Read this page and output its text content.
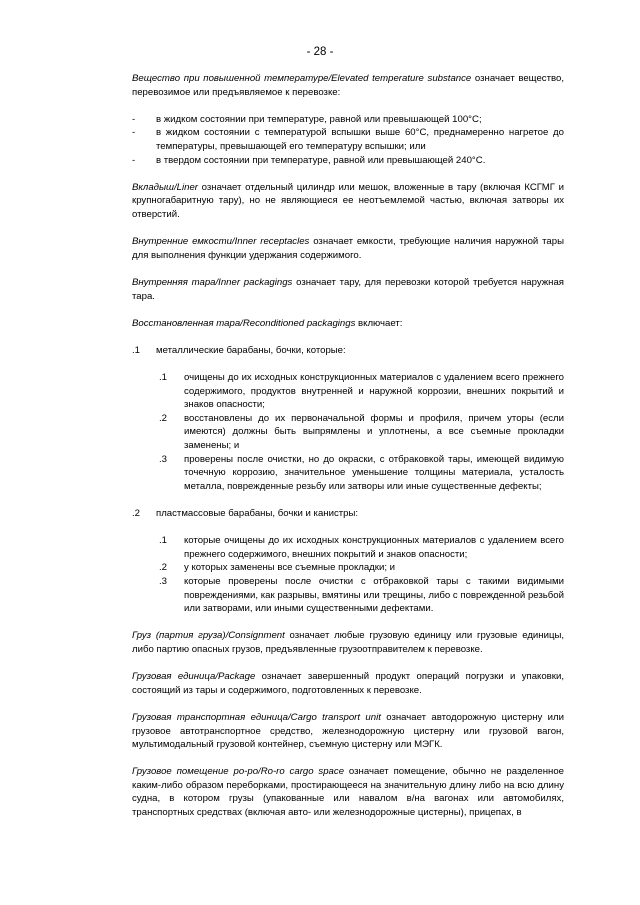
- 28 -

Вещество при повышенной температуре/Elevated temperature substance означает вещество, перевозимое или предъявляемое к перевозке:

- в жидком состоянии при температуре, равной или превышающей 100°С;
- в жидком состоянии с температурой вспышки выше 60°С, преднамеренно нагретое до температуры, превышающей его температуру вспышки; или
- в твердом состоянии при температуре, равной или превышающей 240°С.

Вкладыш/Liner означает отдельный цилиндр или мешок, вложенные в тару (включая КСГМГ и крупногабаритную тару), но не являющиеся ее неотъемлемой частью, включая затворы их отверстий.

Внутренние емкости/Inner receptacles означает емкости, требующие наличия наружной тары для выполнения функции удержания содержимого.

Внутренняя тара/Inner packagings означает тару, для перевозки которой требуется наружная тара.

Восстановленная тара/Reconditioned packagings включает:

.1 металлические барабаны, бочки, которые:
.1 очищены до их исходных конструкционных материалов с удалением всего прежнего содержимого, продуктов внутренней и наружной коррозии, внешних покрытий и знаков опасности;
.2 восстановлены до их первоначальной формы и профиля, причем уторы (если имеются) должны быть выпрямлены и уплотнены, а все съемные прокладки заменены; и
.3 проверены после очистки, но до окраски, с отбраковкой тары, имеющей видимую точечную коррозию, значительное уменьшение толщины материала, усталость металла, поврежденные резьбу или затворы или иные существенные дефекты;
.2 пластмассовые барабаны, бочки и канистры:
.1 которые очищены до их исходных конструкционных материалов с удалением всего прежнего содержимого, внешних покрытий и знаков опасности;
.2 у которых заменены все съемные прокладки; и
.3 которые проверены после очистки с отбраковкой тары с такими видимыми повреждениями, как разрывы, вмятины или трещины, либо с поврежденной резьбой или затворами, или иными существенными дефектами.

Груз (партия груза)/Consignment означает любые грузовую единицу или грузовые единицы, либо партию опасных грузов, предъявленные грузоотправителем к перевозке.

Грузовая единица/Package означает завершенный продукт операций погрузки и упаковки, состоящий из тары и содержимого, подготовленных к перевозке.

Грузовая транспортная единица/Cargo transport unit означает автодорожную цистерну или грузовое автотранспортное средство, железнодорожную цистерну или грузовой вагон, мультимодальный грузовой контейнер, съемную цистерну или МЭГК.

Грузовое помещение ро-ро/Ro-ro cargo space означает помещение, обычно не разделенное каким-либо образом переборками, простирающееся на значительную длину либо на всю длину судна, в котором грузы (упакованные или навалом в/на вагонах или автомобилях, транспортных средствах (включая авто- или железнодорожные цистерны), прицепах, в
